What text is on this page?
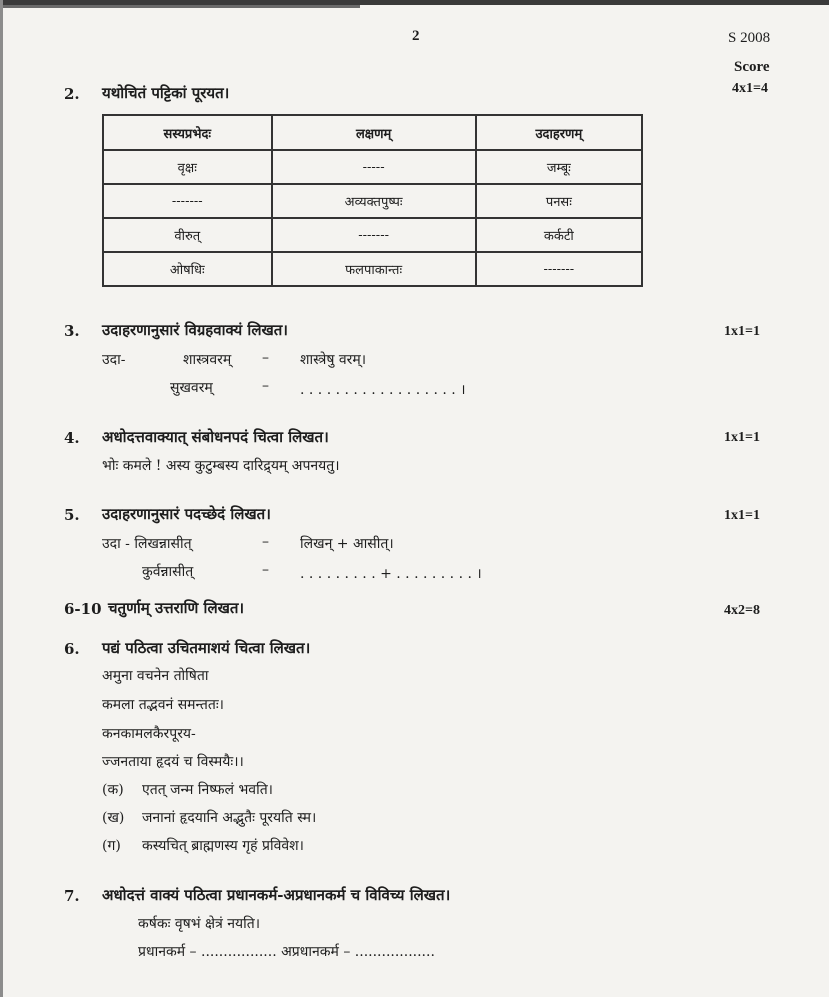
2	S 2008
Score
2. यथोचितं पट्टिकां पूरयत।	4x1=4
सस्यप्रभेदः	लक्षणम्	उदाहरणम्
वृक्षः	-----	जम्बूः
-------	अव्यक्तपुष्पः	पनसः
वीरुत्	-------	कर्कटी
ओषधिः	फलपाकान्तः	-------
3. उदाहरणानुसारं विग्रहवाक्यं लिखत।	1x1=1
उदा-	शास्त्रवरम् – शास्त्रेषु वरम्।
सुखवरम्	– . . . . . . . . . . . . . . . . . . ।
4. अधोदत्तवाक्यात् संबोधनपदं चित्वा लिखत।	1x1=1
भोः कमले ! अस्य कुटुम्बस्य दारिद्र्यम् अपनयतु।
5. उदाहरणानुसारं पदच्छेदं लिखत।	1x1=1
उदा - लिखन्नासीत्	– लिखन् + आसीत्।
कुर्वन्नासीत्	– . . . . . . . . . + . . . . . . . . . ।
6-10 चतुर्णाम् उत्तराणि लिखत।	4x2=8
6. पद्यं पठित्वा उचितमाशयं चित्वा लिखत।
अमुना वचनेन तोषिता
कमला तद्भवनं समन्ततः।
कनकामलकैरपूरय-
ज्जनताया हृदयं च विस्मयैः।।
(क) एतत् जन्म निष्फलं भवति।
(ख) जनानां हृदयानि अद्भुतैः पूरयति स्म।
(ग) कस्यचित् ब्राह्मणस्य गृहं प्रविवेश।
7. अधोदत्तं वाक्यं पठित्वा प्रधानकर्म-अप्रधानकर्म च विविच्य लिखत।
कर्षकः वृषभं क्षेत्रं नयति।
प्रधानकर्म – ................. अप्रधानकर्म – ..................
